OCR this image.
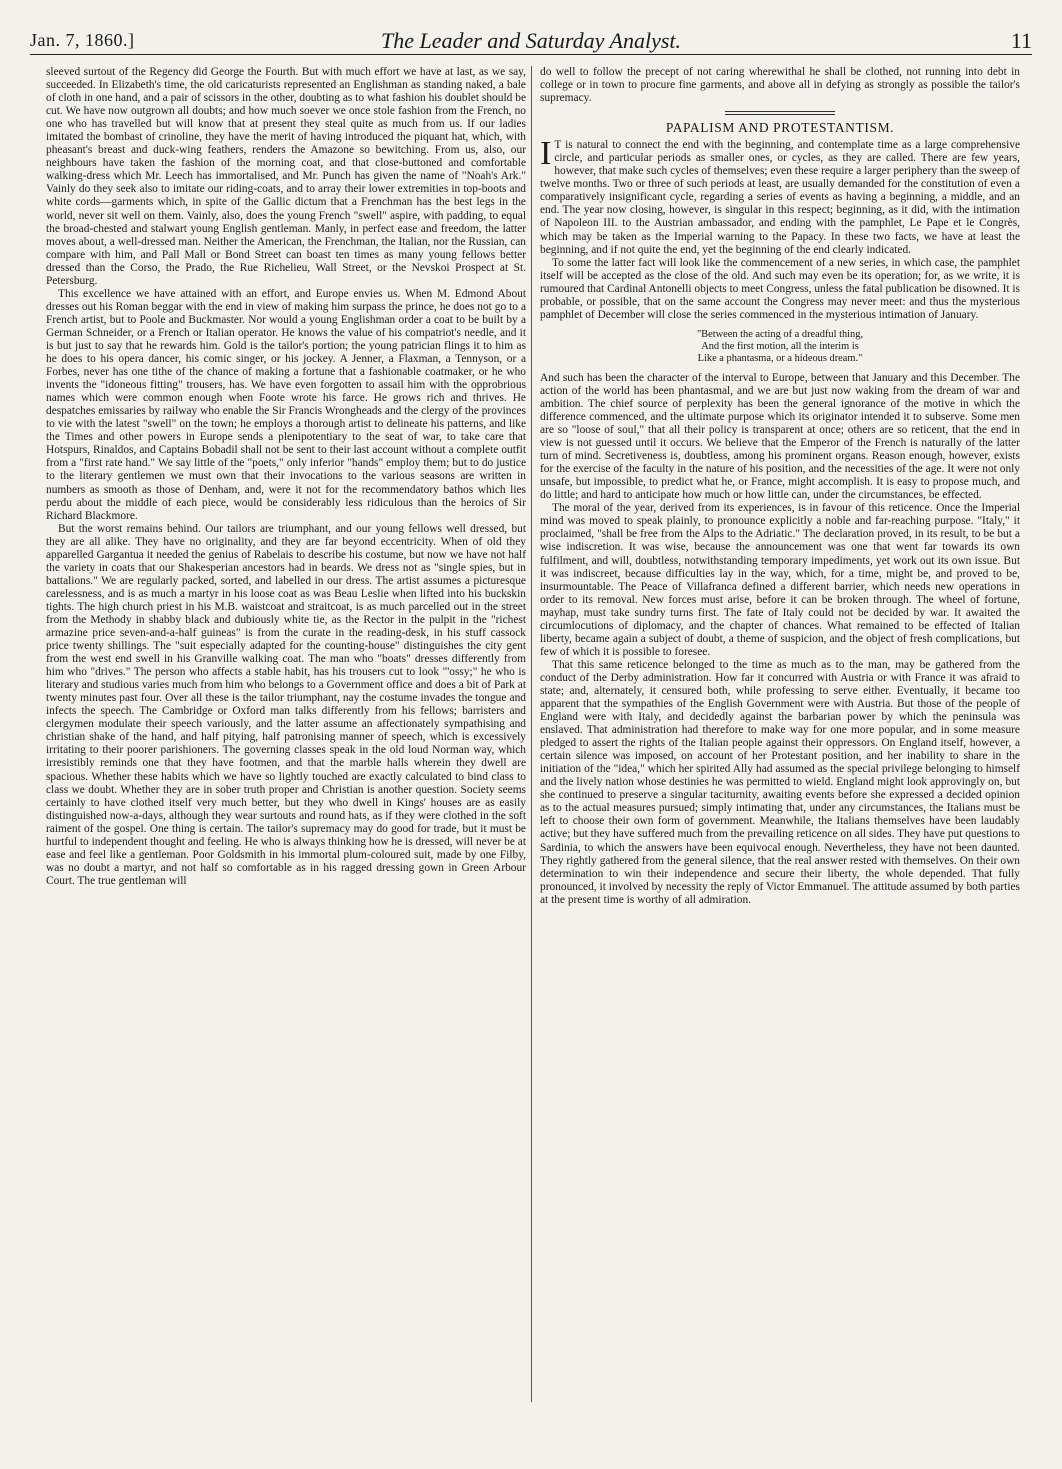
Jan. 7, 1860.]	The Leader and Saturday Analyst.	11

sleeved surtout of the Regency did George the Fourth. But with much effort we have at last, as we say, succeeded. In Elizabeth's time, the old caricaturists represented an Englishman as standing naked, a bale of cloth in one hand, and a pair of scissors in the other, doubting as to what fashion his doublet should be cut. We have now outgrown all doubts; and how much soever we once stole fashion from the French, no one who has travelled but will know that at present they steal quite as much from us. If our ladies imitated the bombast of crinoline, they have the merit of having introduced the piquant hat, which, with pheasant's breast and duck-wing feathers, renders the Amazone so bewitching. From us, also, our neighbours have taken the fashion of the morning coat, and that close-buttoned and comfortable walking-dress which Mr. Leech has immortalised, and Mr. Punch has given the name of "Noah's Ark." Vainly do they seek also to imitate our riding-coats, and to array their lower extremities in top-boots and white cords—garments which, in spite of the Gallic dictum that a Frenchman has the best legs in the world, never sit well on them. Vainly, also, does the young French "swell" aspire, with padding, to equal the broad-chested and stalwart young English gentleman. Manly, in perfect ease and freedom, the latter moves about, a well-dressed man. Neither the American, the Frenchman, the Italian, nor the Russian, can compare with him, and Pall Mall or Bond Street can boast ten times as many young fellows better dressed than the Corso, the Prado, the Rue Richelieu, Wall Street, or the Nevskoi Prospect at St. Petersburg.

This excellence we have attained with an effort, and Europe envies us. When M. Edmond About dresses out his Roman beggar with the end in view of making him surpass the prince, he does not go to a French artist, but to Poole and Buckmaster. Nor would a young Englishman order a coat to be built by a German Schneider, or a French or Italian operator. He knows the value of his compatriot's needle, and it is but just to say that he rewards him. Gold is the tailor's portion; the young patrician flings it to him as he does to his opera dancer, his comic singer, or his jockey. A Jenner, a Flaxman, a Tennyson, or a Forbes, never has one tithe of the chance of making a fortune that a fashionable coatmaker, or he who invents the "idoneous fitting" trousers, has. We have even forgotten to assail him with the opprobrious names which were common enough when Foote wrote his farce. He grows rich and thrives. He despatches emissaries by railway who enable the Sir Francis Wrongheads and the clergy of the provinces to vie with the latest "swell" on the town; he employs a thorough artist to delineate his patterns, and like the Times and other powers in Europe sends a plenipotentiary to the seat of war, to take care that Hotspurs, Rinaldos, and Captains Bobadil shall not be sent to their last account without a complete outfit from a "first rate hand." We say little of the "poets," only inferior "hands" employ them; but to do justice to the literary gentlemen we must own that their invocations to the various seasons are written in numbers as smooth as those of Denham, and, were it not for the recommendatory bathos which lies perdu about the middle of each piece, would be considerably less ridiculous than the heroics of Sir Richard Blackmore.

But the worst remains behind. Our tailors are triumphant, and our young fellows well dressed, but they are all alike. They have no originality, and they are far beyond eccentricity. When of old they apparelled Gargantua it needed the genius of Rabelais to describe his costume, but now we have not half the variety in coats that our Shakesperian ancestors had in beards. We dress not as "single spies, but in battalions." We are regularly packed, sorted, and labelled in our dress. The artist assumes a picturesque carelessness, and is as much a martyr in his loose coat as was Beau Leslie when lifted into his buckskin tights. The high church priest in his M.B. waistcoat and straitcoat, is as much parcelled out in the street from the Methody in shabby black and dubiously white tie, as the Rector in the pulpit in the "richest armazine price seven-and-a-half guineas" is from the curate in the reading-desk, in his stuff cassock price twenty shillings. The "suit especially adapted for the counting-house" distinguishes the city gent from the west end swell in his Granville walking coat. The man who "boats" dresses differently from him who "drives." The person who affects a stable habit, has his trousers cut to look "'ossy;" he who is literary and studious varies much from him who belongs to a Government office and does a bit of Park at twenty minutes past four. Over all these is the tailor triumphant, nay the costume invades the tongue and infects the speech. The Cambridge or Oxford man talks differently from his fellows; barristers and clergymen modulate their speech variously, and the latter assume an affectionately sympathising and christian shake of the hand, and half pitying, half patronising manner of speech, which is excessively irritating to their poorer parishioners. The governing classes speak in the old loud Norman way, which irresistibly reminds one that they have footmen, and that the marble halls wherein they dwell are spacious. Whether these habits which we have so lightly touched are exactly calculated to bind class to class we doubt. Whether they are in sober truth proper and Christian is another question. Society seems certainly to have clothed itself very much better, but they who dwell in Kings' houses are as easily distinguished now-a-days, although they wear surtouts and round hats, as if they were clothed in the soft raiment of the gospel. One thing is certain. The tailor's supremacy may do good for trade, but it must be hurtful to independent thought and feeling. He who is always thinking how he is dressed, will never be at ease and feel like a gentleman. Poor Goldsmith in his immortal plum-coloured suit, made by one Filby, was no doubt a martyr, and not half so comfortable as in his ragged dressing gown in Green Arbour Court. The true gentleman will

do well to follow the precept of not caring wherewithal he shall be clothed, not running into debt in college or in town to procure fine garments, and above all in defying as strongly as possible the tailor's supremacy.

PAPALISM AND PROTESTANTISM.

I T is natural to connect the end with the beginning, and contemplate time as a large comprehensive circle, and particular periods as smaller ones, or cycles, as they are called. There are few years, however, that make such cycles of themselves; even these require a larger periphery than the sweep of twelve months. Two or three of such periods at least, are usually demanded for the constitution of even a comparatively insignificant cycle, regarding a series of events as having a beginning, a middle, and an end. The year now closing, however, is singular in this respect; beginning, as it did, with the intimation of Napoleon III. to the Austrian ambassador, and ending with the pamphlet, Le Pape et le Congrès, which may be taken as the Imperial warning to the Papacy. In these two facts, we have at least the beginning, and if not quite the end, yet the beginning of the end clearly indicated.

To some the latter fact will look like the commencement of a new series, in which case, the pamphlet itself will be accepted as the close of the old. And such may even be its operation; for, as we write, it is rumoured that Cardinal Antonelli objects to meet Congress, unless the fatal publication be disowned. It is probable, or possible, that on the same account the Congress may never meet: and thus the mysterious pamphlet of December will close the series commenced in the mysterious intimation of January.

"Between the acting of a dreadful thing,
And the first motion, all the interim is
Like a phantasma, or a hideous dream."

And such has been the character of the interval to Europe, between that January and this December. The action of the world has been phantasmal, and we are but just now waking from the dream of war and ambition. The chief source of perplexity has been the general ignorance of the motive in which the difference commenced, and the ultimate purpose which its originator intended it to subserve. Some men are so "loose of soul," that all their policy is transparent at once; others are so reticent, that the end in view is not guessed until it occurs. We believe that the Emperor of the French is naturally of the latter turn of mind. Secretiveness is, doubtless, among his prominent organs. Reason enough, however, exists for the exercise of the faculty in the nature of his position, and the necessities of the age. It were not only unsafe, but impossible, to predict what he, or France, might accomplish. It is easy to propose much, and do little; and hard to anticipate how much or how little can, under the circumstances, be effected.

The moral of the year, derived from its experiences, is in favour of this reticence. Once the Imperial mind was moved to speak plainly, to pronounce explicitly a noble and far-reaching purpose. "Italy," it proclaimed, "shall be free from the Alps to the Adriatic." The declaration proved, in its result, to be but a wise indiscretion. It was wise, because the announcement was one that went far towards its own fulfilment, and will, doubtless, notwithstanding temporary impediments, yet work out its own issue. But it was indiscreet, because difficulties lay in the way, which, for a time, might be, and proved to be, insurmountable. The Peace of Villafranca defined a different barrier, which needs new operations in order to its removal. New forces must arise, before it can be broken through. The wheel of fortune, mayhap, must take sundry turns first. The fate of Italy could not be decided by war. It awaited the circumlocutions of diplomacy, and the chapter of chances. What remained to be effected of Italian liberty, became again a subject of doubt, a theme of suspicion, and the object of fresh complications, but few of which it is possible to foresee.

That this same reticence belonged to the time as much as to the man, may be gathered from the conduct of the Derby administration. How far it concurred with Austria or with France it was afraid to state; and, alternately, it censured both, while professing to serve either. Eventually, it became too apparent that the sympathies of the English Government were with Austria. But those of the people of England were with Italy, and decidedly against the barbarian power by which the peninsula was enslaved. That administration had therefore to make way for one more popular, and in some measure pledged to assert the rights of the Italian people against their oppressors. On England itself, however, a certain silence was imposed, on account of her Protestant position, and her inability to share in the initiation of the "idea," which her spirited Ally had assumed as the special privilege belonging to himself and the lively nation whose destinies he was permitted to wield. England might look approvingly on, but she continued to preserve a singular taciturnity, awaiting events before she expressed a decided opinion as to the actual measures pursued; simply intimating that, under any circumstances, the Italians must be left to choose their own form of government. Meanwhile, the Italians themselves have been laudably active; but they have suffered much from the prevailing reticence on all sides. They have put questions to Sardinia, to which the answers have been equivocal enough. Nevertheless, they have not been daunted. They rightly gathered from the general silence, that the real answer rested with themselves. On their own determination to win their independence and secure their liberty, the whole depended. That fully pronounced, it involved by necessity the reply of Victor Emmanuel. The attitude assumed by both parties at the present time is worthy of all admiration.
